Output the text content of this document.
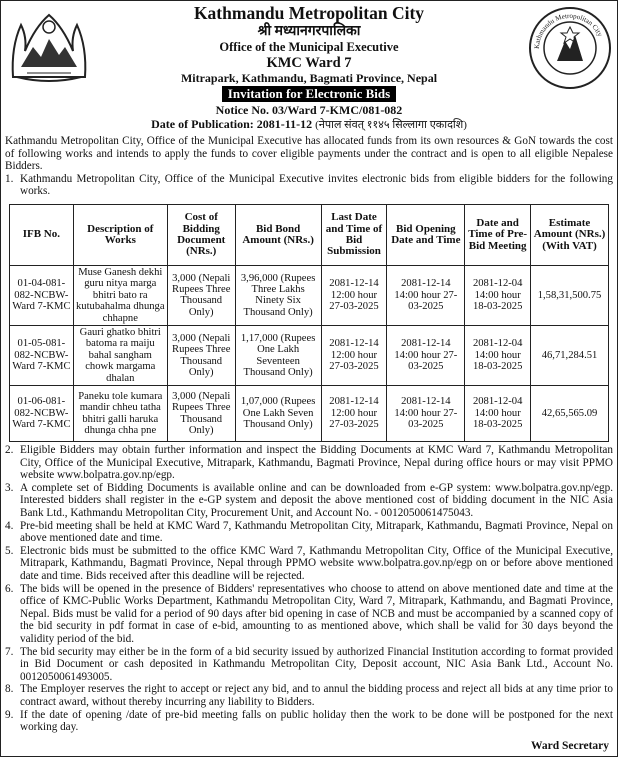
Kathmandu Metropolitan City
Kathmandu Metropolitan City
श्री मध्यानगरपालिका
Office of the Municipal Executive
KMC Ward 7
Mitrapark, Kathmandu, Bagmati Province, Nepal
Invitation for Electronic Bids
Notice No. 03/Ward 7-KMC/081-082
Date of Publication: 2081-11-12 (नेपाल संवत् ११४५ सिल्लागा एकादशि)

Kathmandu Metropolitan City, Office of the Municipal Executive has allocated funds from its own resources & GoN towards the cost of following works and intends to apply the funds to cover eligible payments under the contract and is open to all eligible Nepalese Bidders.

1. Kathmandu Metropolitan City, Office of the Municipal Executive invites electronic bids from eligible bidders for the following works.
IFB No.	Description of Works	Cost of Bidding Document (NRs.)	Bid Bond Amount (NRs.)	Last Date and Time of Bid Submission	Bid Opening Date and Time	Date and Time of Pre-Bid Meeting	Estimate Amount (NRs.) (With VAT)
01-04-081-082-NCBW-Ward 7-KMC	Muse Ganesh dekhi guru nitya marga bhitri bato ra kutubahalma dhunga chhapne	3,000 (Nepali Rupees Three Thousand Only)	3,96,000 (Rupees Three Lakhs Ninety Six Thousand Only)	2081-12-14 12:00 hour 27-03-2025	2081-12-14 14:00 hour 27-03-2025	2081-12-04 14:00 hour 18-03-2025	1,58,31,500.75
01-05-081-082-NCBW-Ward 7-KMC	Gauri ghatko bhitri batoma ra maiju bahal sangham chowk margama dhalan	3,000 (Nepali Rupees Three Thousand Only)	1,17,000 (Rupees One Lakh Seventeen Thousand Only)	2081-12-14 12:00 hour 27-03-2025	2081-12-14 14:00 hour 27-03-2025	2081-12-04 14:00 hour 18-03-2025	46,71,284.51
01-06-081-082-NCBW-Ward 7-KMC	Paneku tole kumara mandir chheu tatha bhitri galli haruka dhunga chha pne	3,000 (Nepali Rupees Three Thousand Only)	1,07,000 (Rupees One Lakh Seven Thousand Only)	2081-12-14 12:00 hour 27-03-2025	2081-12-14 14:00 hour 27-03-2025	2081-12-04 14:00 hour 18-03-2025	42,65,565.09
2. Eligible Bidders may obtain further information and inspect the Bidding Documents at KMC Ward 7, Kathmandu Metropolitan City, Office of the Municipal Executive, Mitrapark, Kathmandu, Bagmati Province, Nepal during office hours or may visit PPMO website www.bolpatra.gov.np/egp.
3. A complete set of Bidding Documents is available online and can be downloaded from e-GP system: www.bolpatra.gov.np/egp. Interested bidders shall register in the e-GP system and deposit the above mentioned cost of bidding document in the NIC Asia Bank Ltd., Kathmandu Metropolitan City, Procurement Unit, and Account No. - 0012050061475043.
4. Pre-bid meeting shall be held at KMC Ward 7, Kathmandu Metropolitan City, Mitrapark, Kathmandu, Bagmati Province, Nepal on above mentioned date and time.
5. Electronic bids must be submitted to the office KMC Ward 7, Kathmandu Metropolitan City, Office of the Municipal Executive, Mitrapark, Kathmandu, Bagmati Province, Nepal through PPMO website www.bolpatra.gov.np/egp on or before above mentioned date and time. Bids received after this deadline will be rejected.
6. The bids will be opened in the presence of Bidders' representatives who choose to attend on above mentioned date and time at the office of KMC-Public Works Department, Kathmandu Metropolitan City, Ward 7, Mitrapark, Kathmandu, and Bagmati Province, Nepal. Bids must be valid for a period of 90 days after bid opening in case of NCB and must be accompanied by a scanned copy of the bid security in pdf format in case of e-bid, amounting to as mentioned above, which shall be valid for 30 days beyond the validity period of the bid.
7. The bid security may either be in the form of a bid security issued by authorized Financial Institution according to format provided in Bid Document or cash deposited in Kathmandu Metropolitan City, Deposit account, NIC Asia Bank Ltd., Account No. 0012050061493005.
8. The Employer reserves the right to accept or reject any bid, and to annul the bidding process and reject all bids at any time prior to contract award, without thereby incurring any liability to Bidders.
9. If the date of opening /date of pre-bid meeting falls on public holiday then the work to be done will be postponed for the next working day.
Ward Secretary
